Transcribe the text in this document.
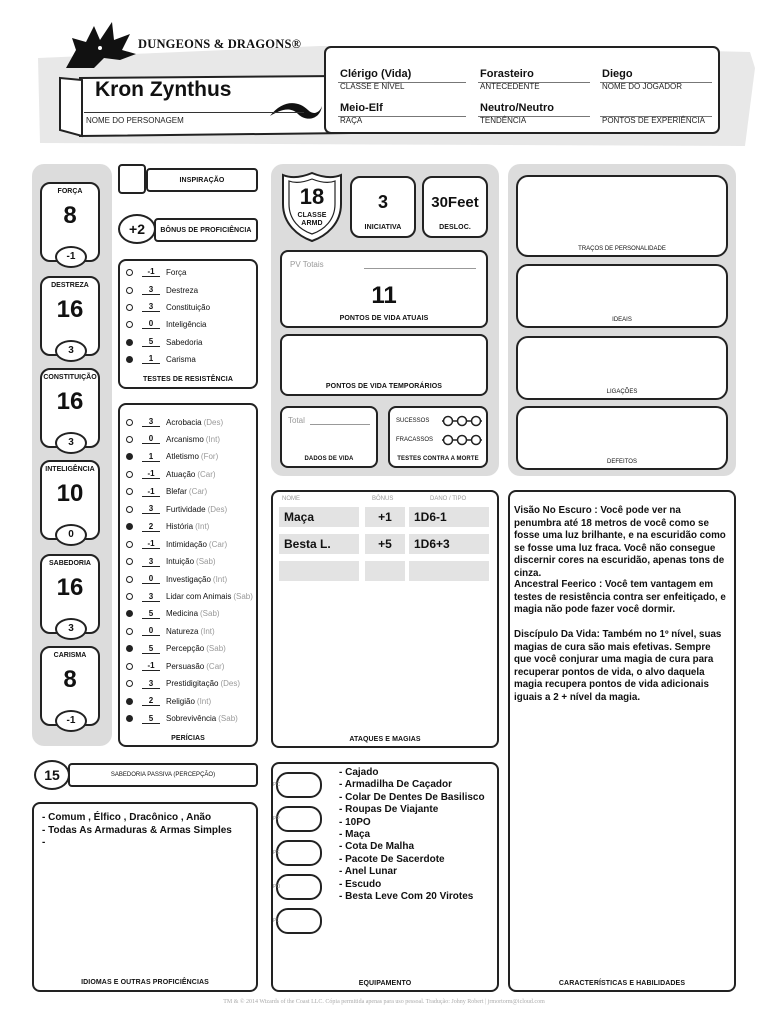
DUNGEONS & DRAGONS®
Kron Zynthus
NOME DO PERSONAGEM
Clérigo (Vida)
CLASSE E NÍVEL
Forasteiro
ANTECEDENTE
Diego
NOME DO JOGADOR
Meio-Elf
RAÇA
Neutro/Neutro
TENDÊNCIA	PONTOS DE EXPERIÊNCIA
FORÇA
8
-1
DESTREZA
16
3
CONSTITUIÇÃO
16
3
INTELIGÊNCIA
10
0
SABEDORIA
16
3
CARISMA
8
-1
INSPIRAÇÃO
+2	BÔNUS DE PROFICIÊNCIA
TESTES DE RESISTÊNCIA
PERÍCIAS
15	SABEDORIA PASSIVA (PERCEPÇÃO)
- Comum , Élfico , Dracônico , Anão
- Todas As Armaduras & Armas Simples
-
IDIOMAS E OUTRAS PROFICIÊNCIAS
18
CLASSE
ARMD
3
INICIATIVA
30Feet
DESLOC.
PV Totais
11
PONTOS DE VIDA ATUAIS
PONTOS DE VIDA TEMPORÁRIOS
Total
DADOS DE VIDA
SUCESSOS
FRACASSOS
TESTES CONTRA A MORTE
ATAQUES E MAGIAS
NOME	BÔNUS	DANO / TIPO
Maça	+1	1D6-1
Besta L.	+5	1D6+3
EQUIPAMENTO
PC
PP
PE
PO
PL
TRAÇOS DE PERSONALIDADE
IDEAIS
LIGAÇÕES
DEFEITOS
CARACTERÍSTICAS E HABILIDADES
Visão No Escuro : Você pode ver na penumbra até 18 metros de você como se fosse uma luz brilhante, e na escuridão como se fosse uma luz fraca. Você não consegue discernir cores na escuridão, apenas tons de cinza.
Ancestral Feerico : Você tem vantagem em testes de resistência contra ser enfeitiçado, e magia não pode fazer você dormir.
Discípulo Da Vida: Também no 1º nível, suas magias de cura são mais efetivas. Sempre que você conjurar uma magia de cura para recuperar pontos de vida, o alvo daquela magia recupera pontos de vida adicionais iguais a 2 + nível da magia.
TM & © 2014 Wizards of the Coast LLC. Cópia permitida apenas para uso pessoal. Tradução: Johny Robert | jrmortorm@icloud.com
-1	Força
3	Destreza
3	Constituição
0	Inteligência
5	Sabedoria
1	Carisma
3	Acrobacia (Des)
0	Arcanismo (Int)
1	Atletismo (For)
-1	Atuação (Car)
-1	Blefar (Car)
3	Furtividade (Des)
2	História (Int)
-1	Intimidação (Car)
3	Intuição (Sab)
0	Investigação (Int)
3	Lidar com Animais (Sab)
5	Medicina (Sab)
0	Natureza (Int)
5	Percepção (Sab)
-1	Persuasão (Car)
3	Prestidigitação (Des)
2	Religião (Int)
5	Sobrevivência (Sab)
- Cajado
- Armadilha De Caçador
- Colar De Dentes De Basilisco
- Roupas De Viajante
- 10PO
- Maça
- Cota De Malha
- Pacote De Sacerdote
- Anel Lunar
- Escudo
- Besta Leve Com 20 Virotes
